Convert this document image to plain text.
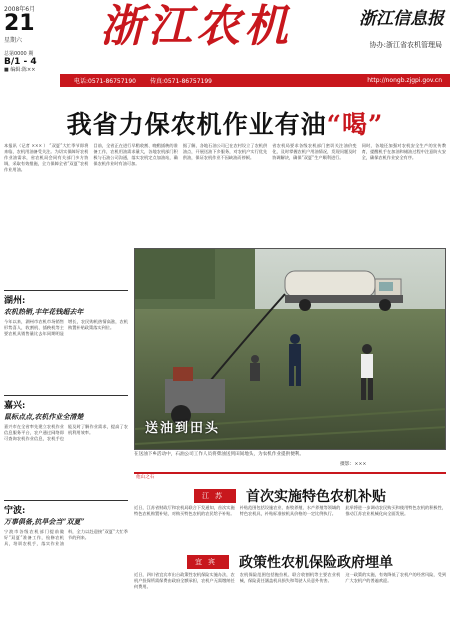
2008年6月
21
星期六
总第0000 期
B/1 - 4
■ 编辑:陈××
浙江农机	浙江信息报
协办:浙江省农机管理局
电话:0571-86757190 传真:0571-86757199	http://nongb.zjgpi.gov.cn
我省力保农机作业有油“喝”
本报讯（记者 ××× ） “双夏”大忙季节即将来临，农机用油备受关注。为切实保障好农机作业油需求，省农机局会同有关部门多方协调，采取有效措施，全力保障全省“双夏”农机作业用油。
目前，全省正在进行早稻收割、晚稻插秧的准备工作，农机用油需求量大，各地农机部门积极与石油公司沟通，落实农机定点加油站，确保农机作业时有油可加。
据了解，各地石油公司已在农村设立了农机供油点，开展送油下乡服务，对农机户实行优先供油，保证农机作业不因缺油而停顿。
省农机局要求各级农机部门密切关注油价变化，及时掌握农机户用油情况，发现问题及时协调解决，确保“双夏”生产顺利进行。
同时，各地还加强对农机安全生产的宣传教育，提醒机手在加油和储油过程中注意防火安全，确保农机作业安全有序。
湖州:
农机热销,丰年花钱超去年
今年以来，湖州市农机市场销售形势喜人，收割机、插秧机等主要农机具销售量比去年同期明显增长，农民购机热情高涨，农机购置补贴政策落实到位。
嘉兴:
鼠标点点,农机作业全清楚
嘉兴市在全省率先建立农机作业信息服务平台，农户通过网络即可查询农机作业信息，农机手也能及时了解作业需求，提高了农机利用效率。
宁波:
万事俱备,抗旱会当“双夏”
宁波市各级农机部门提前做好“双夏”准备工作，检修农机具，培训农机手，落实作业油料，全力以赴迎接“双夏”大忙季节的到来。
送油到田头
在送油下乡活动中，石油公司工作人员将柴油送到田间地头，为农机作业提供便利。
摄影：×××
他山之石
江苏	首次实施特色农机补贴
近日，江苏省财政厅和农机局联合下发通知，首次实施特色农机购置补贴，对购买特色农机的农民给予补贴。
补贴范围包括设施农业、畜牧养殖、水产养殖等领域的特色农机具，补贴标准按机具价格的一定比例执行。
此举将进一步调动农民购买和使用特色农机的积极性，推动江苏农业机械化向全面发展。
宜宾	政策性农机保险政府埋单
近日，四川省宜宾市出台政策性农机保险实施办法，农机户投保所需保费由政府全额承担，农机户无需缴纳任何费用。
农机保险范围包括拖拉机、联合收割机等主要农业机械，保险责任涵盖机具损失和驾驶人员意外伤害。
这一政策的实施，有效降低了农机户的经营风险，受到广大农机户的普遍欢迎。
